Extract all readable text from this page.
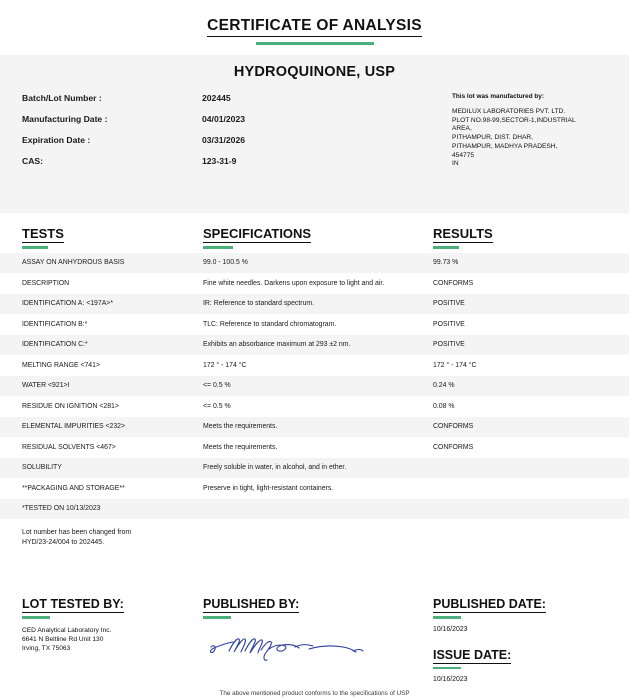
CERTIFICATE OF ANALYSIS
HYDROQUINONE, USP
Batch/Lot Number :	202445
Manufacturing Date :	04/01/2023
Expiration Date :	03/31/2026
CAS:	123-31-9
This lot was manufactured by:
MEDILUX LABORATORIES PVT. LTD.
PLOT NO.98-99,SECTOR-1,INDUSTRIAL
AREA,
PITHAMPUR, DIST. DHAR,
PITHAMPUR, MADHYA PRADESH,
454775
IN
TESTS	SPECIFICATIONS	RESULTS
ASSAY ON ANHYDROUS BASIS	99.0 - 100.5 %	99.73 %
DESCRIPTION	Fine white needles. Darkens upon exposure to light and air.	CONFORMS
IDENTIFICATION A: <197A>*	IR: Reference to standard spectrum.	POSITIVE
IDENTIFICATION B:*	TLC: Reference to standard chromatogram.	POSITIVE
IDENTIFICATION C:*	Exhibits an absorbance maximum at 293 ±2 nm.	POSITIVE
MELTING RANGE <741>	172 ° - 174 °C	172 ° - 174 °C
WATER <921>I	<= 0.5 %	0.24 %
RESIDUE ON IGNITION <281>	<= 0.5 %	0.08 %
ELEMENTAL IMPURITIES <232>	Meets the requirements.	CONFORMS
RESIDUAL SOLVENTS <467>	Meets the requirements.	CONFORMS
SOLUBILITY	Freely soluble in water, in alcohol, and in ether.
**PACKAGING AND STORAGE**	Preserve in tight, light-resistant containers.
*TESTED ON 10/13/2023
Lot number has been changed from
HYD/23-24/004 to 202445.
LOT TESTED BY:
CED Analytical Laboratory Inc.
6641 N Beltline Rd Unit 130
Irving, TX 75063
PUBLISHED BY:	PUBLISHED DATE:
10/16/2023
ISSUE DATE:
10/16/2023
The above mentioned product conforms to the specifications of USP
